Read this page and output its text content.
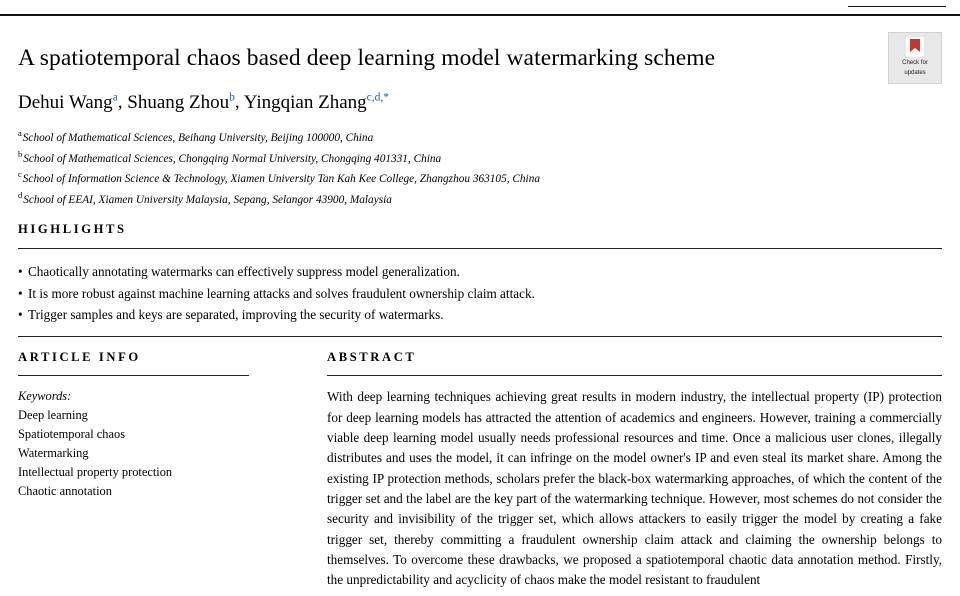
Check for
updates
A spatiotemporal chaos based deep learning model watermarking scheme
Dehui Wang$^a$, Shuang Zhou$^b$, Yingqian Zhang$^{c,d,*}$
$^a$School of Mathematical Sciences, Beihang University, Beijing 100000, China
$^b$School of Mathematical Sciences, Chongqing Normal University, Chongqing 401331, China
$^c$School of Information Science & Technology, Xiamen University Tan Kah Kee College, Zhangzhou 363105, China
$^d$School of EEAI, Xiamen University Malaysia, Sepang, Selangor 43900, Malaysia
HIGHLIGHTS
• Chaotically annotating watermarks can effectively suppress model generalization.
• It is more robust against machine learning attacks and solves fraudulent ownership claim attack.
• Trigger samples and keys are separated, improving the security of watermarks.
ARTICLE INFO
Keywords:
Deep learning
Spatiotemporal chaos
Watermarking
Intellectual property protection
Chaotic annotation
ABSTRACT
With deep learning techniques achieving great results in modern industry, the intellectual property (IP) protection for deep learning models has attracted the attention of academics and engineers. However, training a commercially viable deep learning model usually needs professional resources and time. Once a malicious user clones, illegally distributes and uses the model, it can infringe on the model owner's IP and even steal its market share. Among the existing IP protection methods, scholars prefer the black-box watermarking approaches, of which the content of the trigger set and the label are the key part of the watermarking technique. However, most schemes do not consider the security and invisibility of the trigger set, which allows attackers to easily trigger the model by creating a fake trigger set, thereby committing a fraudulent ownership claim attack and claiming the ownership belongs to themselves. To overcome these drawbacks, we proposed a spatiotemporal chaotic data annotation method. Firstly, the unpredictability and acyclicity of chaos make the model resistant to fraudulent
